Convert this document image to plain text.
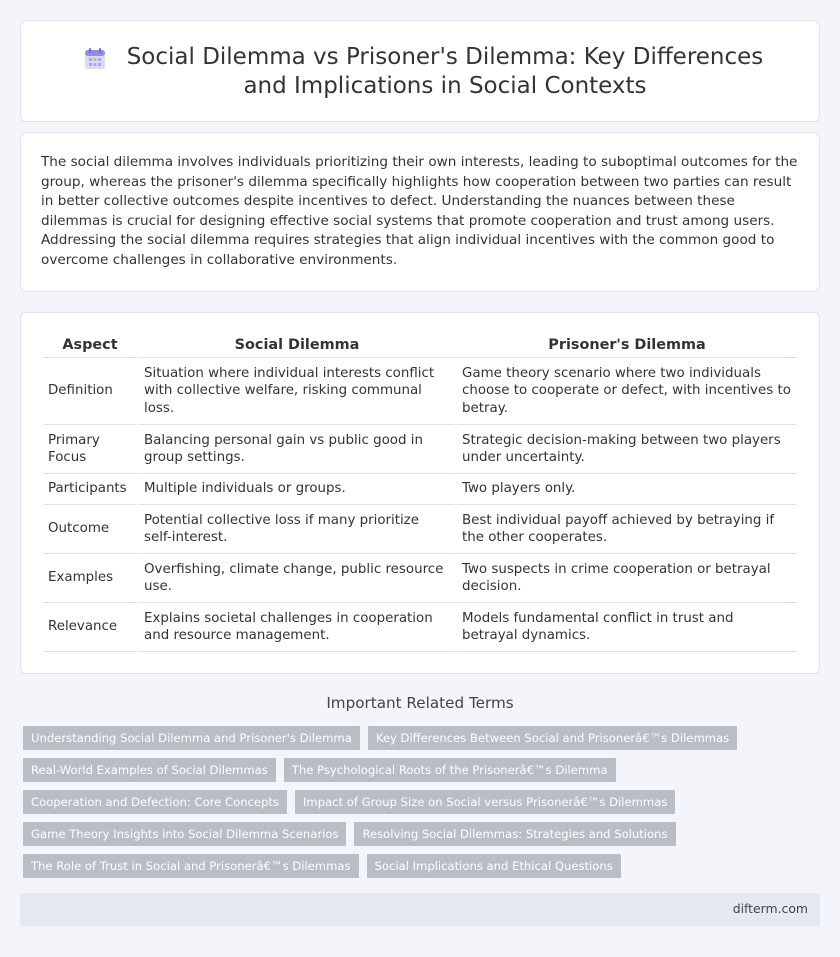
Social Dilemma vs Prisoner's Dilemma: Key Differences and Implications in Social Contexts

The social dilemma involves individuals prioritizing their own interests, leading to suboptimal outcomes for the group, whereas the prisoner's dilemma specifically highlights how cooperation between two parties can result in better collective outcomes despite incentives to defect. Understanding the nuances between these dilemmas is crucial for designing effective social systems that promote cooperation and trust among users. Addressing the social dilemma requires strategies that align individual incentives with the common good to overcome challenges in collaborative environments.

Aspect	Social Dilemma	Prisoner's Dilemma
Definition	Situation where individual interests conflict with collective welfare, risking communal loss.	Game theory scenario where two individuals choose to cooperate or defect, with incentives to betray.
Primary Focus	Balancing personal gain vs public good in group settings.	Strategic decision-making between two players under uncertainty.
Participants	Multiple individuals or groups.	Two players only.
Outcome	Potential collective loss if many prioritize self-interest.	Best individual payoff achieved by betraying if the other cooperates.
Examples	Overfishing, climate change, public resource use.	Two suspects in crime cooperation or betrayal decision.
Relevance	Explains societal challenges in cooperation and resource management.	Models fundamental conflict in trust and betrayal dynamics.
Important Related Terms
Understanding Social Dilemma and Prisoner's Dilemma	Key Differences Between Social and Prisonerâ€™s Dilemmas
Real-World Examples of Social Dilemmas	The Psychological Roots of the Prisonerâ€™s Dilemma
Cooperation and Defection: Core Concepts	Impact of Group Size on Social versus Prisonerâ€™s Dilemmas
Game Theory Insights into Social Dilemma Scenarios	Resolving Social Dilemmas: Strategies and Solutions
The Role of Trust in Social and Prisonerâ€™s Dilemmas	Social Implications and Ethical Questions
difterm.com
